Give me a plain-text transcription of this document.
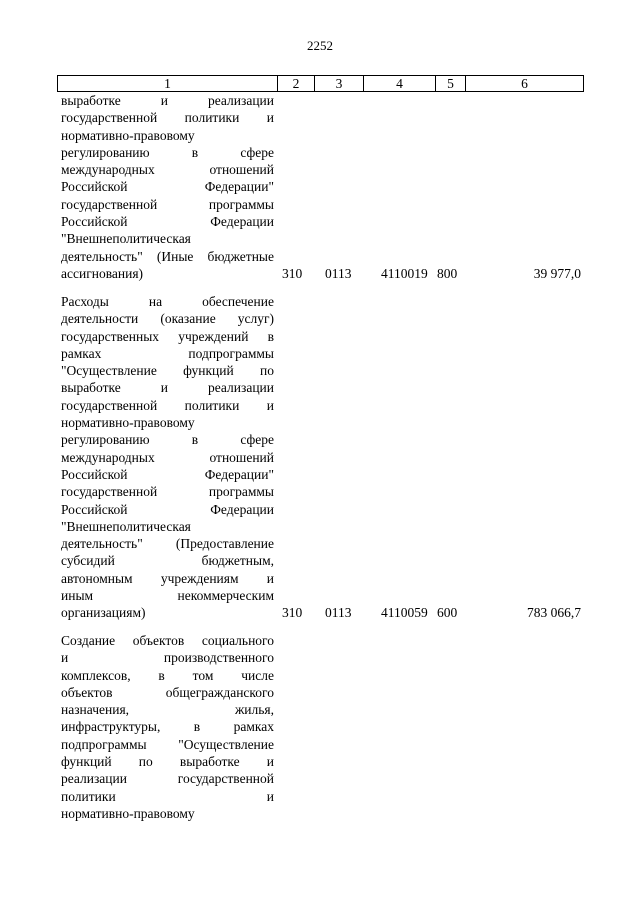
2252
1	2	3	4	5	6
выработке и реализации
государственной политики и
нормативно-правовому
регулированию в сфере
международных отношений
Российской Федерации"
государственной программы
Российской Федерации
"Внешнеполитическая
деятельность" (Иные бюджетные
ассигнования)	310 0113 4110019 800	39 977,0
Расходы на обеспечение
деятельности (оказание услуг)
государственных учреждений в
рамках подпрограммы
"Осуществление функций по
выработке и реализации
государственной политики и
нормативно-правовому
регулированию в сфере
международных отношений
Российской Федерации"
государственной программы
Российской Федерации
"Внешнеполитическая
деятельность" (Предоставление
субсидий бюджетным,
автономным учреждениям и
иным некоммерческим
организациям)	310 0113 4110059 600	783 066,7
Создание объектов социального
и производственного
комплексов, в том числе
объектов общегражданского
назначения, жилья,
инфраструктуры, в рамках
подпрограммы "Осуществление
функций по выработке и
реализации государственной
политики и
нормативно-правовому
